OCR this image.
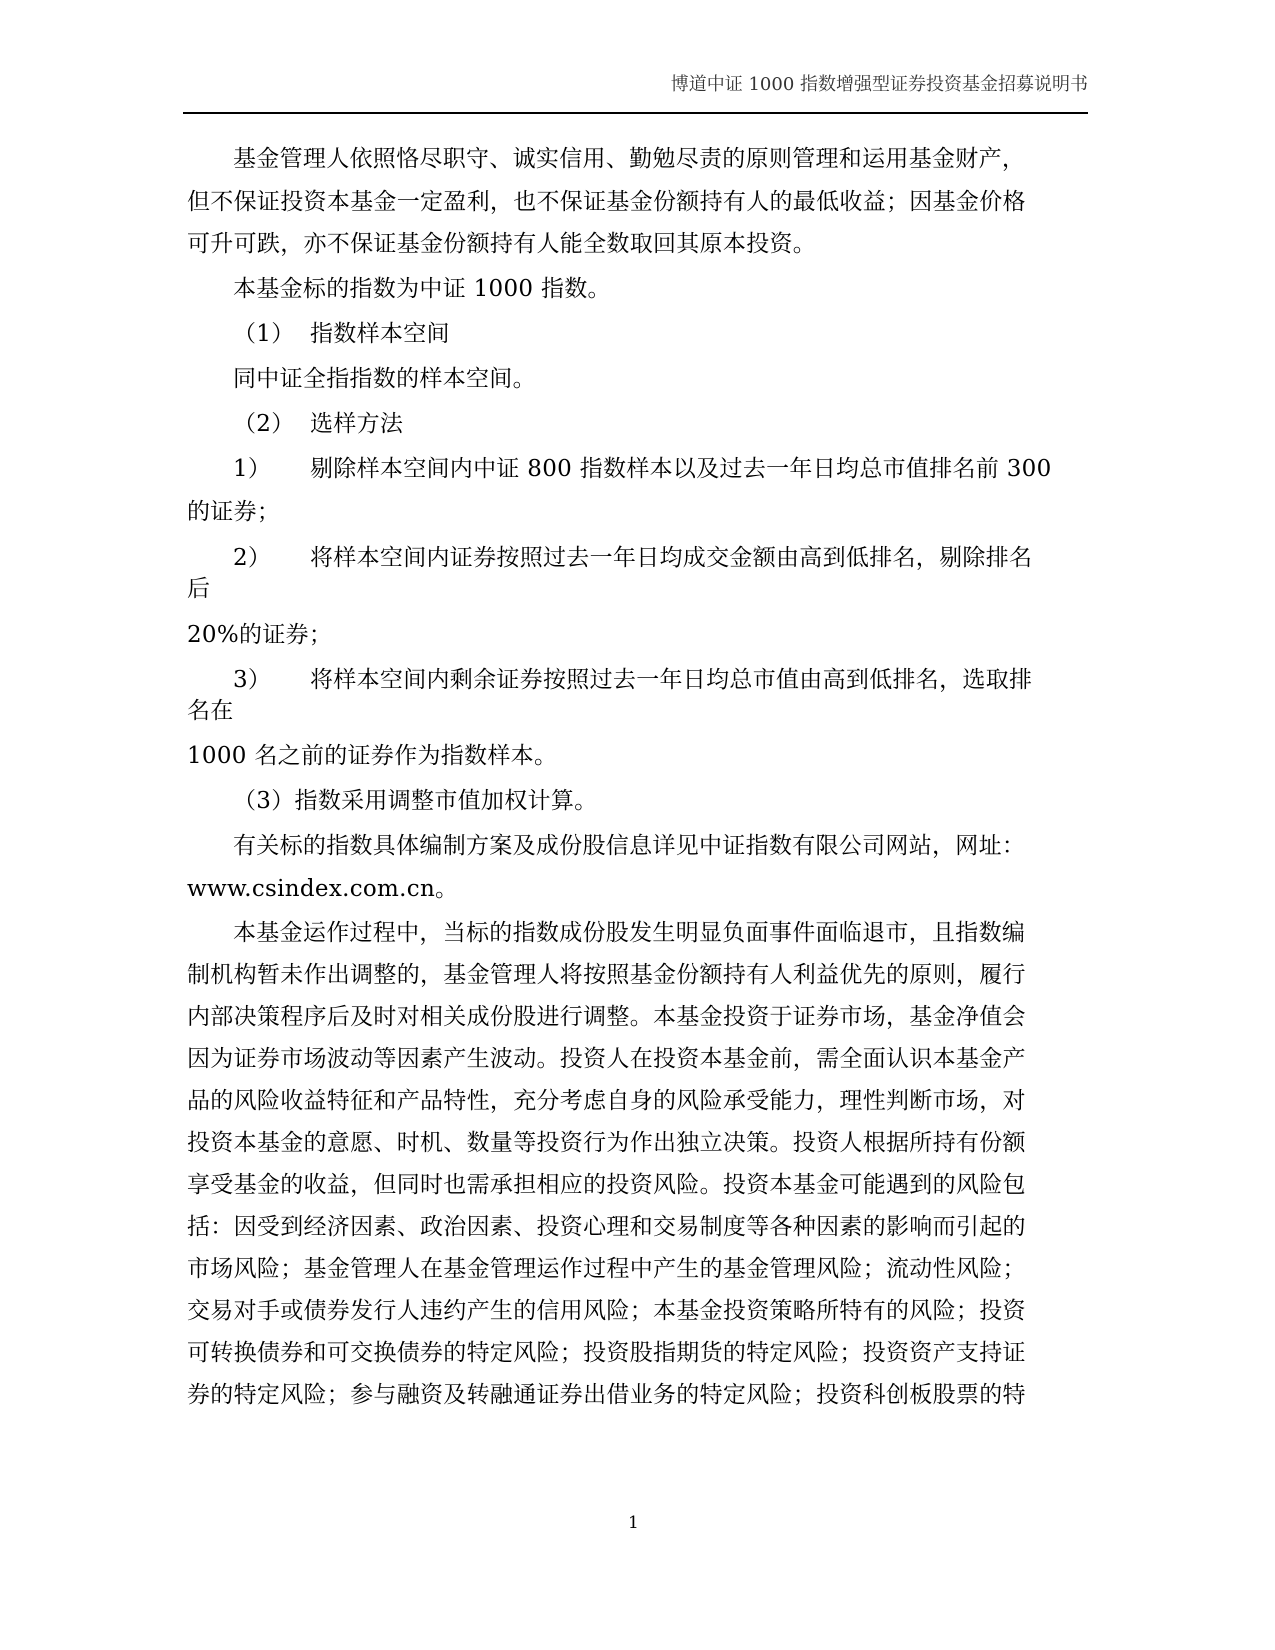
博道中证 1000 指数增强型证券投资基金招募说明书
基金管理人依照恪尽职守、诚实信用、勤勉尽责的原则管理和运用基金财产，
但不保证投资本基金一定盈利，也不保证基金份额持有人的最低收益；因基金价格
可升可跌，亦不保证基金份额持有人能全数取回其原本投资。
本基金标的指数为中证 1000 指数。
（1） 指数样本空间
同中证全指指数的样本空间。
（2） 选样方法
1） 剔除样本空间内中证 800 指数样本以及过去一年日均总市值排名前 300
的证券；
2） 将样本空间内证券按照过去一年日均成交金额由高到低排名，剔除排名
后
20%的证券；
3） 将样本空间内剩余证券按照过去一年日均总市值由高到低排名，选取排
名在
1000 名之前的证券作为指数样本。
（3）指数采用调整市值加权计算。
有关标的指数具体编制方案及成份股信息详见中证指数有限公司网站，网址：
www.csindex.com.cn。
本基金运作过程中，当标的指数成份股发生明显负面事件面临退市，且指数编
制机构暂未作出调整的，基金管理人将按照基金份额持有人利益优先的原则，履行
内部决策程序后及时对相关成份股进行调整。本基金投资于证券市场，基金净值会
因为证券市场波动等因素产生波动。投资人在投资本基金前，需全面认识本基金产
品的风险收益特征和产品特性，充分考虑自身的风险承受能力，理性判断市场，对
投资本基金的意愿、时机、数量等投资行为作出独立决策。投资人根据所持有份额
享受基金的收益，但同时也需承担相应的投资风险。投资本基金可能遇到的风险包
括：因受到经济因素、政治因素、投资心理和交易制度等各种因素的影响而引起的
市场风险；基金管理人在基金管理运作过程中产生的基金管理风险；流动性风险；
交易对手或债券发行人违约产生的信用风险；本基金投资策略所特有的风险；投资
可转换债券和可交换债券的特定风险；投资股指期货的特定风险；投资资产支持证
券的特定风险；参与融资及转融通证券出借业务的特定风险；投资科创板股票的特
1
